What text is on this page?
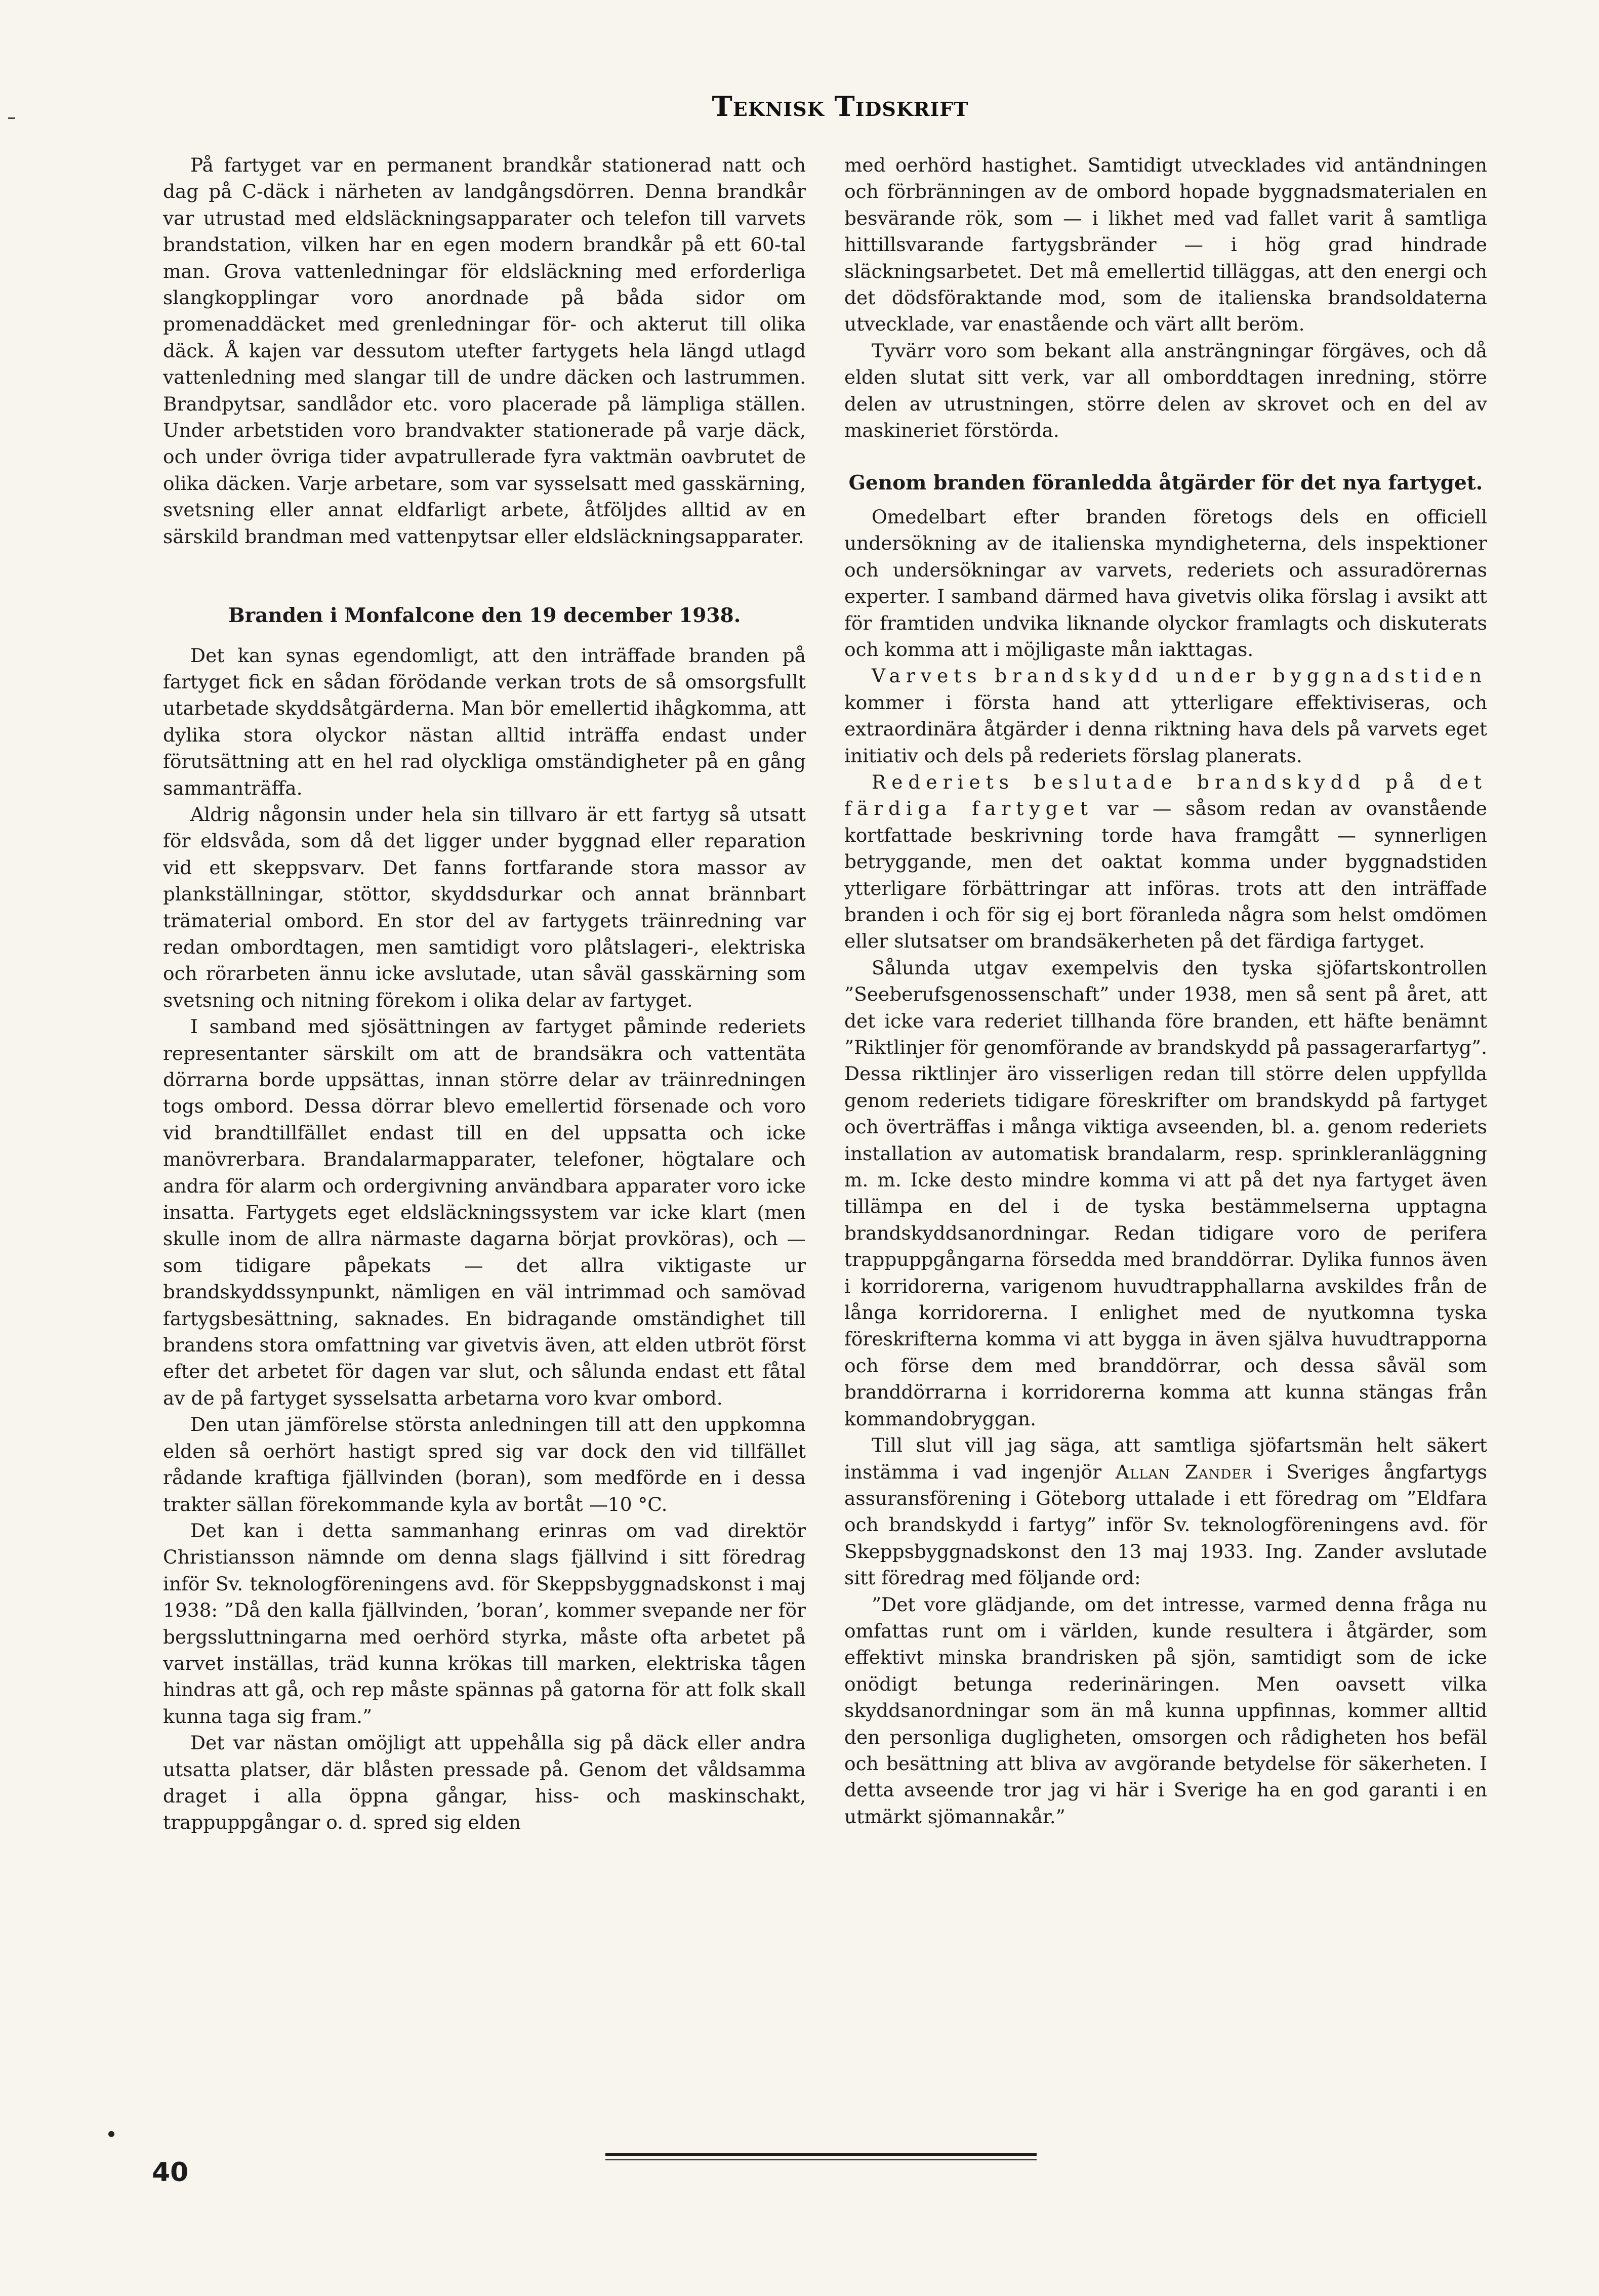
Teknisk Tidskrift

På fartyget var en permanent brandkår stationerad natt och dag på C-däck i närheten av landgångsdörren. Denna brandkår var utrustad med eldsläckningsapparater och telefon till varvets brandstation, vilken har en egen modern brandkår på ett 60-tal man. Grova vattenledningar för eldsläckning med erforderliga slangkopplingar voro anordnade på båda sidor om promenaddäcket med grenledningar för- och akterut till olika däck. Å kajen var dessutom utefter fartygets hela längd utlagd vattenledning med slangar till de undre däcken och lastrummen. Brandpytsar, sandlådor etc. voro placerade på lämpliga ställen. Under arbetstiden voro brandvakter stationerade på varje däck, och under övriga tider avpatrullerade fyra vaktmän oavbrutet de olika däcken. Varje arbetare, som var sysselsatt med gasskärning, svetsning eller annat eldfarligt arbete, åtföljdes alltid av en särskild brandman med vattenpytsar eller eldsläckningsapparater.

Branden i Monfalcone den 19 december 1938.

Det kan synas egendomligt, att den inträffade branden på fartyget fick en sådan förödande verkan trots de så omsorgsfullt utarbetade skyddsåtgärderna. Man bör emellertid ihågkomma, att dylika stora olyckor nästan alltid inträffa endast under förutsättning att en hel rad olyckliga omständigheter på en gång sammanträffa.

Aldrig någonsin under hela sin tillvaro är ett fartyg så utsatt för eldsvåda, som då det ligger under byggnad eller reparation vid ett skeppsvarv. Det fanns fortfarande stora massor av plankställningar, stöttor, skyddsdurkar och annat brännbart trämaterial ombord. En stor del av fartygets träinredning var redan ombordtagen, men samtidigt voro plåtslageri-, elektriska och rörarbeten ännu icke avslutade, utan såväl gasskärning som svetsning och nitning förekom i olika delar av fartyget.

I samband med sjösättningen av fartyget påminde rederiets representanter särskilt om att de brandsäkra och vattentäta dörrarna borde uppsättas, innan större delar av träinredningen togs ombord. Dessa dörrar blevo emellertid försenade och voro vid brandtillfället endast till en del uppsatta och icke manövrerbara. Brandalarmapparater, telefoner, högtalare och andra för alarm och ordergivning användbara apparater voro icke insatta. Fartygets eget eldsläckningssystem var icke klart (men skulle inom de allra närmaste dagarna börjat provköras), och — som tidigare påpekats — det allra viktigaste ur brandskyddssynpunkt, nämligen en väl intrimmad och samövad fartygsbesättning, saknades. En bidragande omständighet till brandens stora omfattning var givetvis även, att elden utbröt först efter det arbetet för dagen var slut, och sålunda endast ett fåtal av de på fartyget sysselsatta arbetarna voro kvar ombord.

Den utan jämförelse största anledningen till att den uppkomna elden så oerhört hastigt spred sig var dock den vid tillfället rådande kraftiga fjällvinden (boran), som medförde en i dessa trakter sällan förekommande kyla av bortåt —10 °C.

Det kan i detta sammanhang erinras om vad direktör Christiansson nämnde om denna slags fjällvind i sitt föredrag inför Sv. teknologföreningens avd. för Skeppsbyggnadskonst i maj 1938: ”Då den kalla fjällvinden, ’boran’, kommer svepande ner för bergssluttningarna med oerhörd styrka, måste ofta arbetet på varvet inställas, träd kunna krökas till marken, elektriska tågen hindras att gå, och rep måste spännas på gatorna för att folk skall kunna taga sig fram.”

Det var nästan omöjligt att uppehålla sig på däck eller andra utsatta platser, där blåsten pressade på. Genom det våldsamma draget i alla öppna gångar, hiss- och maskinschakt, trappuppgångar o. d. spred sig elden

med oerhörd hastighet. Samtidigt utvecklades vid antändningen och förbränningen av de ombord hopade byggnadsmaterialen en besvärande rök, som — i likhet med vad fallet varit å samtliga hittillsvarande fartygsbränder — i hög grad hindrade släckningsarbetet. Det må emellertid tilläggas, att den energi och det dödsföraktande mod, som de italienska brandsoldaterna utvecklade, var enastående och värt allt beröm.

Tyvärr voro som bekant alla ansträngningar förgäves, och då elden slutat sitt verk, var all omborddtagen inredning, större delen av utrustningen, större delen av skrovet och en del av maskineriet förstörda.

Genom branden föranledda åtgärder för det nya fartyget.

Omedelbart efter branden företogs dels en officiell undersökning av de italienska myndigheterna, dels inspektioner och undersökningar av varvets, rederiets och assuradörernas experter. I samband därmed hava givetvis olika förslag i avsikt att för framtiden undvika liknande olyckor framlagts och diskuterats och komma att i möjligaste mån iakttagas.

Varvets brandskydd under byggnadstiden kommer i första hand att ytterligare effektiviseras, och extraordinära åtgärder i denna riktning hava dels på varvets eget initiativ och dels på rederiets förslag planerats.

Rederiets beslutade brandskydd på det färdiga fartyget var — såsom redan av ovanstående kortfattade beskrivning torde hava framgått — synnerligen betryggande, men det oaktat komma under byggnadstiden ytterligare förbättringar att införas. trots att den inträffade branden i och för sig ej bort föranleda några som helst omdömen eller slutsatser om brandsäkerheten på det färdiga fartyget.

Sålunda utgav exempelvis den tyska sjöfartskontrollen ”Seeberufsgenossenschaft” under 1938, men så sent på året, att det icke vara rederiet tillhanda före branden, ett häfte benämnt ”Riktlinjer för genomförande av brandskydd på passagerarfartyg”. Dessa riktlinjer äro visserligen redan till större delen uppfyllda genom rederiets tidigare föreskrifter om brandskydd på fartyget och överträffas i många viktiga avseenden, bl. a. genom rederiets installation av automatisk brandalarm, resp. sprinkleranläggning m. m. Icke desto mindre komma vi att på det nya fartyget även tillämpa en del i de tyska bestämmelserna upptagna brandskyddsanordningar. Redan tidigare voro de perifera trappuppgångarna försedda med branddörrar. Dylika funnos även i korridorerna, varigenom huvudtrapphallarna avskildes från de långa korridorerna. I enlighet med de nyutkomna tyska föreskrifterna komma vi att bygga in även själva huvudtrapporna och förse dem med branddörrar, och dessa såväl som branddörrarna i korridorerna komma att kunna stängas från kommandobryggan.

Till slut vill jag säga, att samtliga sjöfartsmän helt säkert instämma i vad ingenjör Allan Zander i Sveriges ångfartygs assuransförening i Göteborg uttalade i ett föredrag om ”Eldfara och brandskydd i fartyg” inför Sv. teknologföreningens avd. för Skeppsbyggnadskonst den 13 maj 1933. Ing. Zander avslutade sitt föredrag med följande ord:

”Det vore glädjande, om det intresse, varmed denna fråga nu omfattas runt om i världen, kunde resultera i åtgärder, som effektivt minska brandrisken på sjön, samtidigt som de icke onödigt betunga rederinäringen. Men oavsett vilka skyddsanordningar som än må kunna uppfinnas, kommer alltid den personliga dugligheten, omsorgen och rådigheten hos befäl och besättning att bliva av avgörande betydelse för säkerheten. I detta avseende tror jag vi här i Sverige ha en god garanti i en utmärkt sjömannakår.”

40
